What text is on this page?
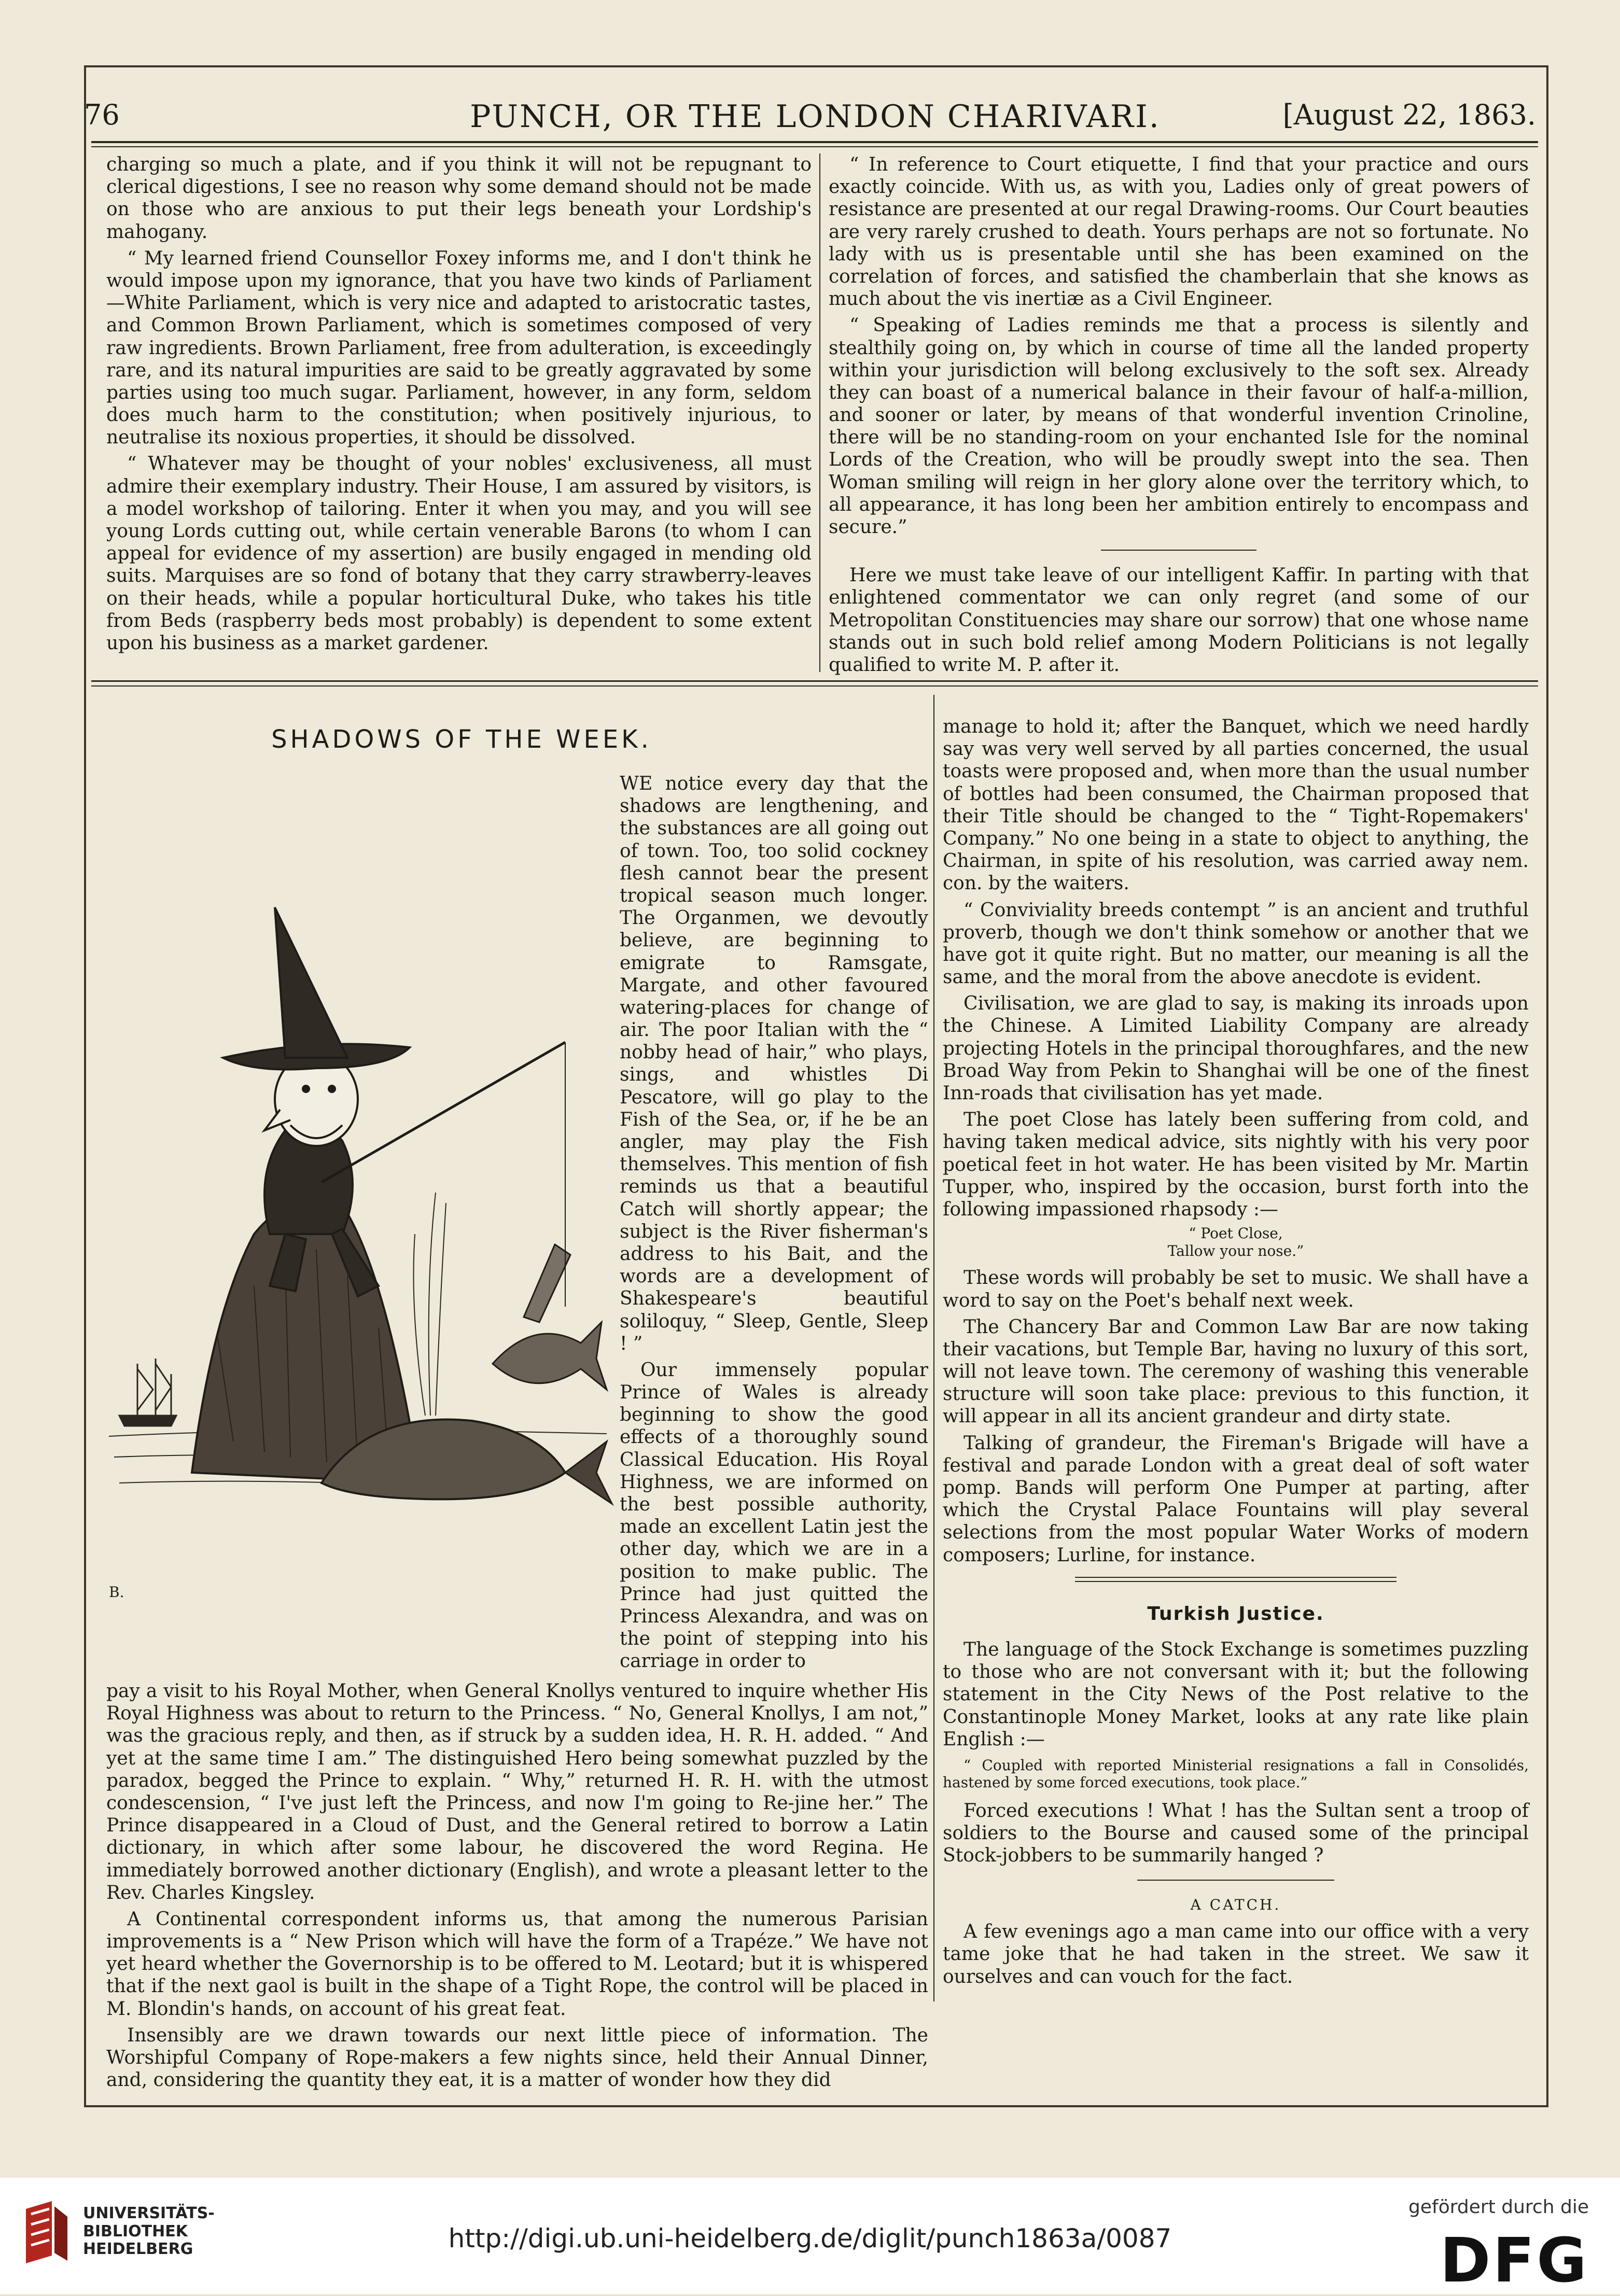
76	PUNCH, OR THE LONDON CHARIVARI.	[August 22, 1863.

charging so much a plate, and if you think it will not be repugnant to clerical digestions, I see no reason why some demand should not be made on those who are anxious to put their legs beneath your Lordship's mahogany.

“ My learned friend Counsellor Foxey informs me, and I don't think he would impose upon my ignorance, that you have two kinds of Parliament—White Parliament, which is very nice and adapted to aristocratic tastes, and Common Brown Parliament, which is sometimes composed of very raw ingredients. Brown Parliament, free from adulteration, is exceedingly rare, and its natural impurities are said to be greatly aggravated by some parties using too much sugar. Parliament, however, in any form, seldom does much harm to the constitution; when positively injurious, to neutralise its noxious properties, it should be dissolved.

“ Whatever may be thought of your nobles' exclusiveness, all must admire their exemplary industry. Their House, I am assured by visitors, is a model workshop of tailoring. Enter it when you may, and you will see young Lords cutting out, while certain venerable Barons (to whom I can appeal for evidence of my assertion) are busily engaged in mending old suits. Marquises are so fond of botany that they carry strawberry-leaves on their heads, while a popular horticultural Duke, who takes his title from Beds (raspberry beds most probably) is dependent to some extent upon his business as a market gardener.

“ In reference to Court etiquette, I find that your practice and ours exactly coincide. With us, as with you, Ladies only of great powers of resistance are presented at our regal Drawing-rooms. Our Court beauties are very rarely crushed to death. Yours perhaps are not so fortunate. No lady with us is presentable until she has been examined on the correlation of forces, and satisfied the chamberlain that she knows as much about the vis inertiæ as a Civil Engineer.

“ Speaking of Ladies reminds me that a process is silently and stealthily going on, by which in course of time all the landed property within your jurisdiction will belong exclusively to the soft sex. Already they can boast of a numerical balance in their favour of half-a-million, and sooner or later, by means of that wonderful invention Crinoline, there will be no standing-room on your enchanted Isle for the nominal Lords of the Creation, who will be proudly swept into the sea. Then Woman smiling will reign in her glory alone over the territory which, to all appearance, it has long been her ambition entirely to encompass and secure.”

Here we must take leave of our intelligent Kaffir. In parting with that enlightened commentator we can only regret (and some of our Metropolitan Constituencies may share our sorrow) that one whose name stands out in such bold relief among Modern Politicians is not legally qualified to write M. P. after it.

SHADOWS OF THE WEEK.
B.

WE notice every day that the shadows are lengthening, and the substances are all going out of town. Too, too solid cockney flesh cannot bear the present tropical season much longer. The Organmen, we devoutly believe, are beginning to emigrate to Ramsgate, Margate, and other favoured watering-places for change of air. The poor Italian with the “ nobby head of hair,” who plays, sings, and whistles Di Pescatore, will go play to the Fish of the Sea, or, if he be an angler, may play the Fish themselves. This mention of fish reminds us that a beautiful Catch will shortly appear; the subject is the River fisherman's address to his Bait, and the words are a development of Shakespeare's beautiful soliloquy, “ Sleep, Gentle, Sleep ! ”

Our immensely popular Prince of Wales is already beginning to show the good effects of a thoroughly sound Classical Education. His Royal Highness, we are informed on the best possible authority, made an excellent Latin jest the other day, which we are in a position to make public. The Prince had just quitted the Princess Alexandra, and was on the point of stepping into his carriage in order to

pay a visit to his Royal Mother, when General Knollys ventured to inquire whether His Royal Highness was about to return to the Princess. “ No, General Knollys, I am not,” was the gracious reply, and then, as if struck by a sudden idea, H. R. H. added. “ And yet at the same time I am.” The distinguished Hero being somewhat puzzled by the paradox, begged the Prince to explain. “ Why,” returned H. R. H. with the utmost condescension, “ I've just left the Princess, and now I'm going to Re-jine her.” The Prince disappeared in a Cloud of Dust, and the General retired to borrow a Latin dictionary, in which after some labour, he discovered the word Regina. He immediately borrowed another dictionary (English), and wrote a pleasant letter to the Rev. Charles Kingsley.

A Continental correspondent informs us, that among the numerous Parisian improvements is a “ New Prison which will have the form of a Trapéze.” We have not yet heard whether the Governorship is to be offered to M. Leotard; but it is whispered that if the next gaol is built in the shape of a Tight Rope, the control will be placed in M. Blondin's hands, on account of his great feat.

Insensibly are we drawn towards our next little piece of information. The Worshipful Company of Rope-makers a few nights since, held their Annual Dinner, and, considering the quantity they eat, it is a matter of wonder how they did

manage to hold it; after the Banquet, which we need hardly say was very well served by all parties concerned, the usual toasts were proposed and, when more than the usual number of bottles had been consumed, the Chairman proposed that their Title should be changed to the “ Tight-Ropemakers' Company.” No one being in a state to object to anything, the Chairman, in spite of his resolution, was carried away nem. con. by the waiters.

“ Conviviality breeds contempt ” is an ancient and truthful proverb, though we don't think somehow or another that we have got it quite right. But no matter, our meaning is all the same, and the moral from the above anecdote is evident.

Civilisation, we are glad to say, is making its inroads upon the Chinese. A Limited Liability Company are already projecting Hotels in the principal thoroughfares, and the new Broad Way from Pekin to Shanghai will be one of the finest Inn-roads that civilisation has yet made.

The poet Close has lately been suffering from cold, and having taken medical advice, sits nightly with his very poor poetical feet in hot water. He has been visited by Mr. Martin Tupper, who, inspired by the occasion, burst forth into the following impassioned rhapsody :—

“ Poet Close,
Tallow your nose.”

These words will probably be set to music. We shall have a word to say on the Poet's behalf next week.

The Chancery Bar and Common Law Bar are now taking their vacations, but Temple Bar, having no luxury of this sort, will not leave town. The ceremony of washing this venerable structure will soon take place: previous to this function, it will appear in all its ancient grandeur and dirty state.

Talking of grandeur, the Fireman's Brigade will have a festival and parade London with a great deal of soft water pomp. Bands will perform One Pumper at parting, after which the Crystal Palace Fountains will play several selections from the most popular Water Works of modern composers; Lurline, for instance.

Turkish Justice.

The language of the Stock Exchange is sometimes puzzling to those who are not conversant with it; but the following statement in the City News of the Post relative to the Constantinople Money Market, looks at any rate like plain English :—

“ Coupled with reported Ministerial resignations a fall in Consolidés, hastened by some forced executions, took place.”

Forced executions ! What ! has the Sultan sent a troop of soldiers to the Bourse and caused some of the principal Stock-jobbers to be summarily hanged ?

A CATCH.

A few evenings ago a man came into our office with a very tame joke that he had taken in the street. We saw it ourselves and can vouch for the fact.

UNIVERSITÄTS-
BIBLIOTHEK
HEIDELBERG	http://digi.ub.uni-heidelberg.de/diglit/punch1863a/0087
gefördert durch die
DFG
